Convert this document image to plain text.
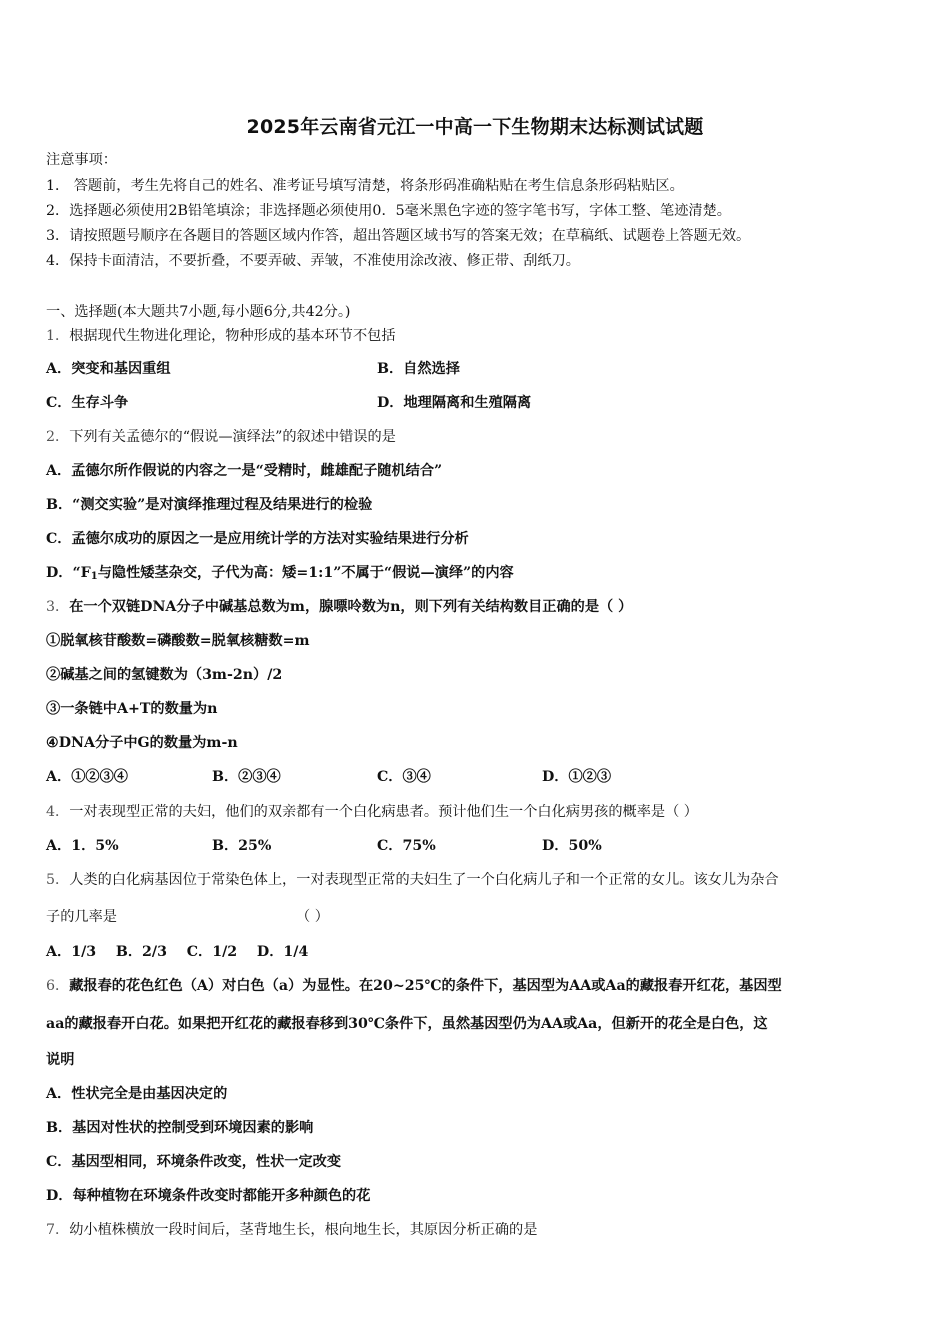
2025年云南省元江一中高一下生物期末达标测试试题
注意事项：
1． 答题前，考生先将自己的姓名、准考证号填写清楚，将条形码准确粘贴在考生信息条形码粘贴区。
2．选择题必须使用2B铅笔填涂；非选择题必须使用0．5毫米黑色字迹的签字笔书写，字体工整、笔迹清楚。
3．请按照题号顺序在各题目的答题区域内作答，超出答题区域书写的答案无效；在草稿纸、试题卷上答题无效。
4．保持卡面清洁，不要折叠，不要弄破、弄皱，不准使用涂改液、修正带、刮纸刀。
一、选择题(本大题共7小题,每小题6分,共42分。)
1．根据现代生物进化理论，物种形成的基本环节不包括
A．突变和基因重组	B．自然选择
C．生存斗争	D．地理隔离和生殖隔离
2．下列有关孟德尔的“假说—演绎法”的叙述中错误的是
A．孟德尔所作假说的内容之一是“受精时，雌雄配子随机结合”
B．“测交实验”是对演绎推理过程及结果进行的检验
C．孟德尔成功的原因之一是应用统计学的方法对实验结果进行分析
D．“$F_1$与隐性矮茎杂交，子代为高：矮=1:1”不属于“假说—演绎”的内容
3．在一个双链DNA分子中碱基总数为m，腺嘌呤数为n，则下列有关结构数目正确的是（ ）
①脱氧核苷酸数=磷酸数=脱氧核糖数=m
②碱基之间的氢键数为（3m-2n）/2
③一条链中A+T的数量为n
④DNA分子中G的数量为m-n
A．①②③④	B．②③④	C．③④	D．①②③
4．一对表现型正常的夫妇，他们的双亲都有一个白化病患者。预计他们生一个白化病男孩的概率是（ ）
A．1．5%	B．25%	C．75%	D．50%
5．人类的白化病基因位于常染色体上，一对表现型正常的夫妇生了一个白化病儿子和一个正常的女儿。该女儿为杂合
子的几率是	（ ）
A．1/3    B．2/3    C．1/2    D．1/4
6．藏报春的花色红色（A）对白色（a）为显性。在20~25℃的条件下，基因型为AA或Aa的藏报春开红花，基因型
aa的藏报春开白花。如果把开红花的藏报春移到30℃条件下，虽然基因型仍为AA或Aa，但新开的花全是白色，这
说明
A．性状完全是由基因决定的
B．基因对性状的控制受到环境因素的影响
C．基因型相同，环境条件改变，性状一定改变
D．每种植物在环境条件改变时都能开多种颜色的花
7．幼小植株横放一段时间后，茎背地生长，根向地生长，其原因分析正确的是
